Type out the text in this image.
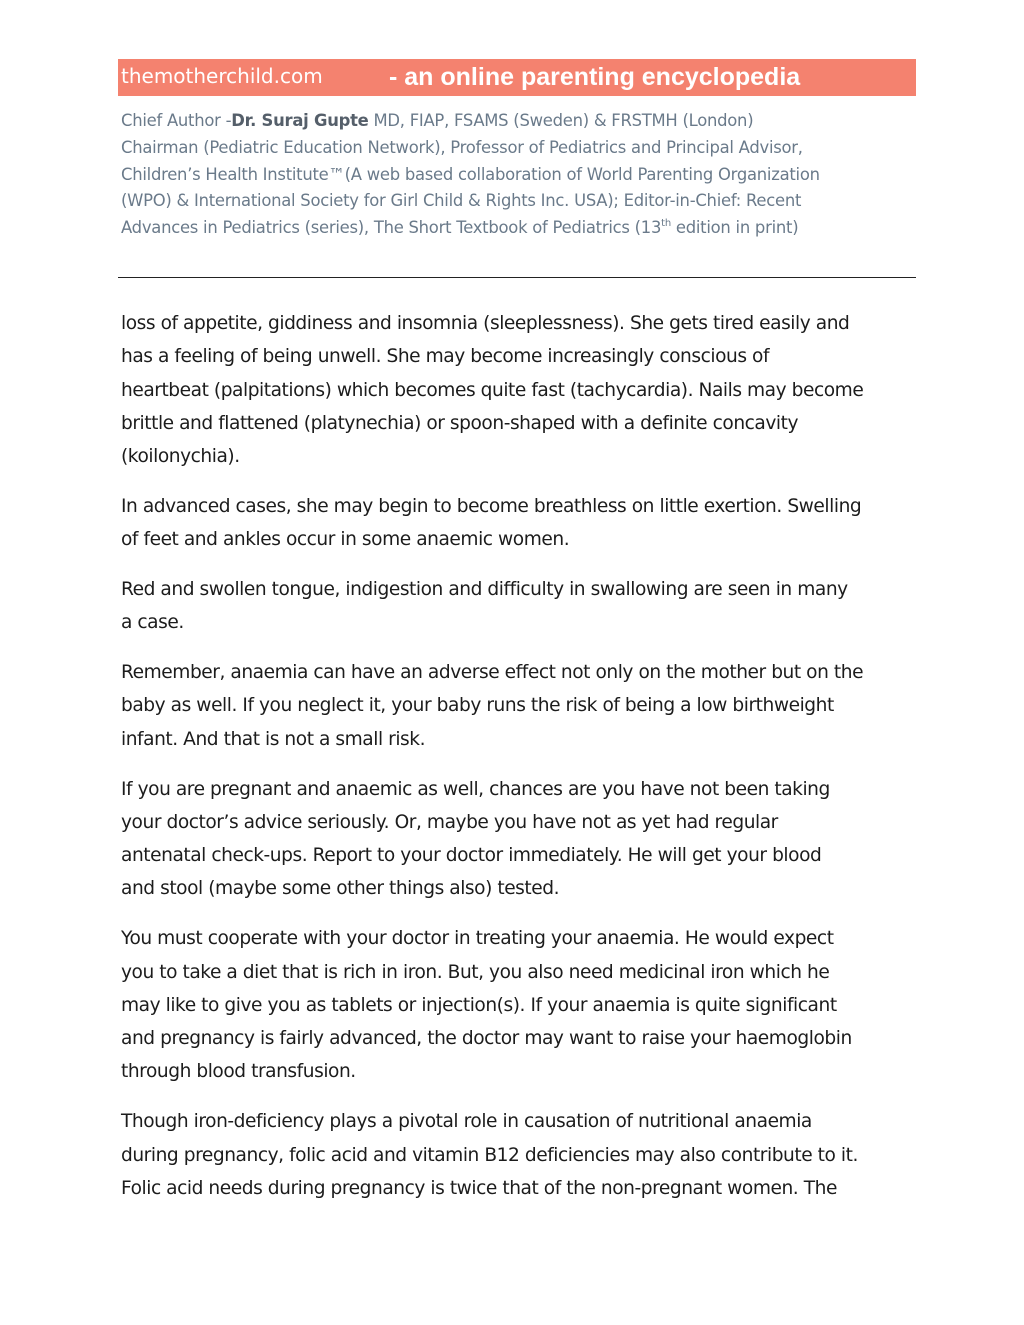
themotherchild.com	- an online parenting encyclopedia
Chief Author -Dr. Suraj Gupte MD, FIAP, FSAMS (Sweden) & FRSTMH (London)
Chairman (Pediatric Education Network), Professor of Pediatrics and Principal Advisor,
Children’s Health Institute™(A web based collaboration of World Parenting Organization
(WPO) & International Society for Girl Child & Rights Inc. USA); Editor-in-Chief: Recent
Advances in Pediatrics (series), The Short Textbook of Pediatrics (13th edition in print)

loss of appetite, giddiness and insomnia (sleeplessness). She gets tired easily and
has a feeling of being unwell. She may become increasingly conscious of
heartbeat (palpitations) which becomes quite fast (tachycardia). Nails may become
brittle and flattened (platynechia) or spoon-shaped with a definite concavity
(koilonychia).

In advanced cases, she may begin to become breathless on little exertion. Swelling
of feet and ankles occur in some anaemic women.

Red and swollen tongue, indigestion and difficulty in swallowing are seen in many
a case.

Remember, anaemia can have an adverse effect not only on the mother but on the
baby as well. If you neglect it, your baby runs the risk of being a low birthweight
infant. And that is not a small risk.

If you are pregnant and anaemic as well, chances are you have not been taking
your doctor’s advice seriously. Or, maybe you have not as yet had regular
antenatal check-ups. Report to your doctor immediately. He will get your blood
and stool (maybe some other things also) tested.

You must cooperate with your doctor in treating your anaemia. He would expect
you to take a diet that is rich in iron. But, you also need medicinal iron which he
may like to give you as tablets or injection(s). If your anaemia is quite significant
and pregnancy is fairly advanced, the doctor may want to raise your haemoglobin
through blood transfusion.

Though iron-deficiency plays a pivotal role in causation of nutritional anaemia
during pregnancy, folic acid and vitamin B12 deficiencies may also contribute to it.
Folic acid needs during pregnancy is twice that of the non-pregnant women. The
